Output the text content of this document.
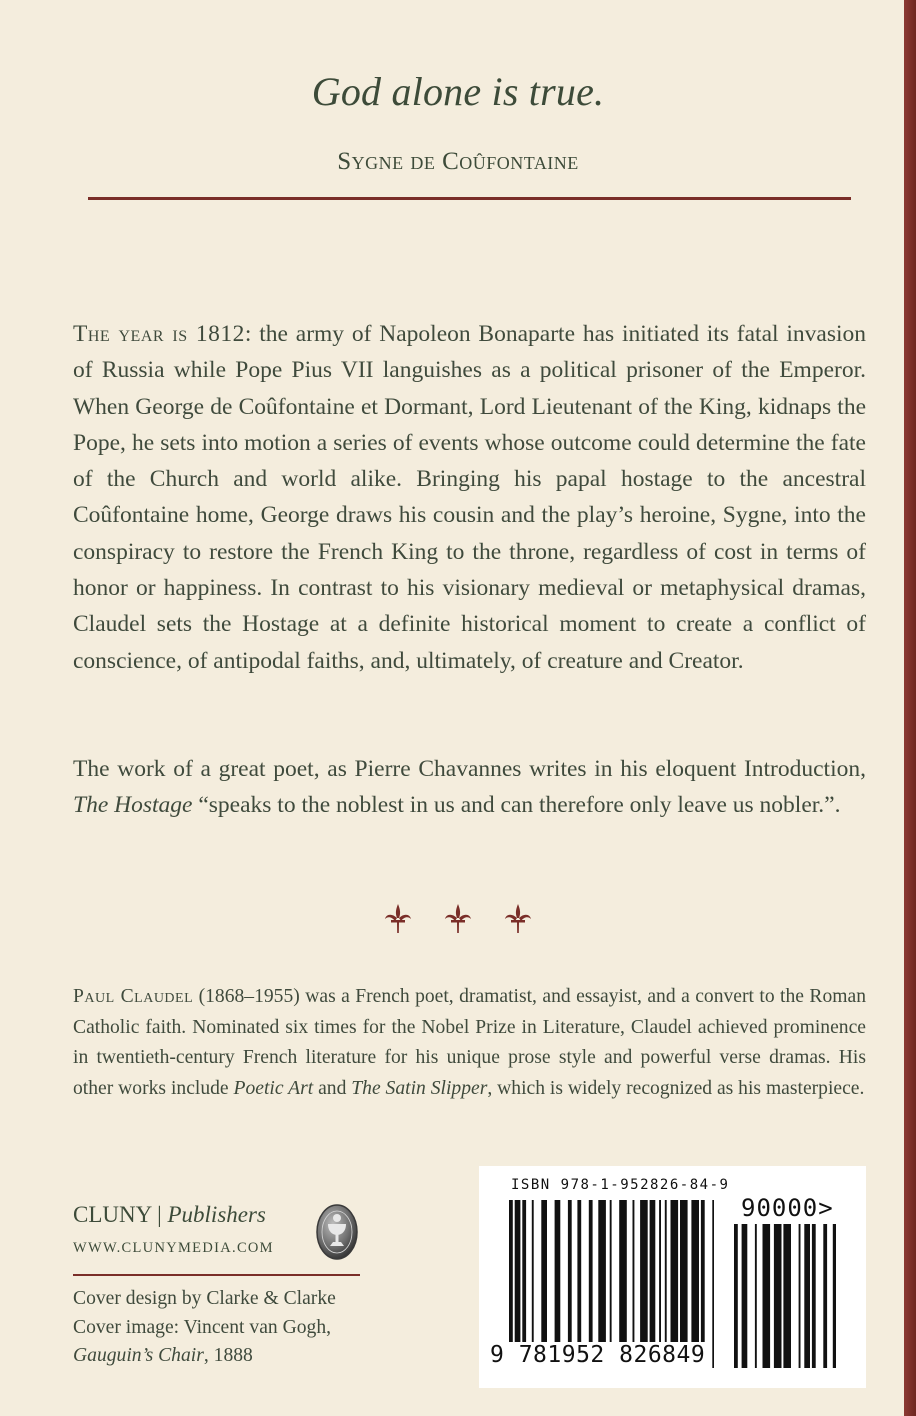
God alone is true.
Sygne de Coûfontaine

The year is 1812: the army of Napoleon Bonaparte has initiated its fatal invasion of Russia while Pope Pius VII languishes as a political prisoner of the Emperor. When George de Coûfontaine et Dormant, Lord Lieutenant of the King, kidnaps the Pope, he sets into motion a series of events whose outcome could determine the fate of the Church and world alike. Bringing his papal hostage to the ancestral Coûfontaine home, George draws his cousin and the play’s heroine, Sygne, into the conspiracy to restore the French King to the throne, regardless of cost in terms of honor or happiness. In contrast to his visionary medieval or metaphysical dramas, Claudel sets the Hostage at a definite historical moment to create a conflict of conscience, of antipodal faiths, and, ultimately, of creature and Creator.

The work of a great poet, as Pierre Chavannes writes in his eloquent Introduction, The Hostage “speaks to the noblest in us and can therefore only leave us nobler.”.

Paul Claudel (1868–1955) was a French poet, dramatist, and essayist, and a convert to the Roman Catholic faith. Nominated six times for the Nobel Prize in Literature, Claudel achieved prominence in twentieth-century French literature for his unique prose style and powerful verse dramas. His other works include Poetic Art and The Satin Slipper, which is widely recognized as his masterpiece.

CLUNY | Publishers
WWW.CLUNYMEDIA.COM
Cover design by Clarke & Clarke
Cover image: Vincent van Gogh,
Gauguin’s Chair, 1888
ISBN 978-1-952826-84-9
90000>
9 781952 826849
